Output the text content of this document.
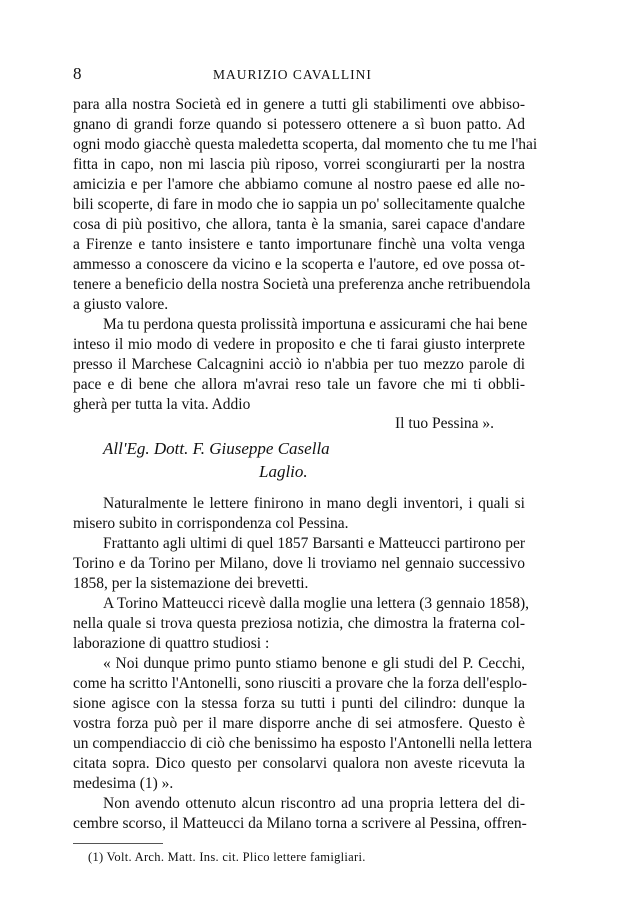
8	MAURIZIO CAVALLINI
para alla nostra Società ed in genere a tutti gli stabilimenti ove abbiso-
gnano di grandi forze quando si potessero ottenere a sì buon patto. Ad
ogni modo giacchè questa maledetta scoperta, dal momento che tu me l'hai
fitta in capo, non mi lascia più riposo, vorrei scongiurarti per la nostra
amicizia e per l'amore che abbiamo comune al nostro paese ed alle no-
bili scoperte, di fare in modo che io sappia un po' sollecitamente qualche
cosa di più positivo, che allora, tanta è la smania, sarei capace d'andare
a Firenze e tanto insistere e tanto importunare finchè una volta venga
ammesso a conoscere da vicino e la scoperta e l'autore, ed ove possa ot-
tenere a beneficio della nostra Società una preferenza anche retribuendola
a giusto valore.
Ma tu perdona questa prolissità importuna e assicurami che hai bene
inteso il mio modo di vedere in proposito e che ti farai giusto interprete
presso il Marchese Calcagnini acciò io n'abbia per tuo mezzo parole di
pace e di bene che allora m'avrai reso tale un favore che mi ti obbli-
gherà per tutta la vita. Addio
Il tuo Pessina ».
All'Eg. Dott. F. Giuseppe Casella
Laglio.
Naturalmente le lettere finirono in mano degli inventori, i quali si
misero subito in corrispondenza col Pessina.
Frattanto agli ultimi di quel 1857 Barsanti e Matteucci partirono per
Torino e da Torino per Milano, dove li troviamo nel gennaio successivo
1858, per la sistemazione dei brevetti.
A Torino Matteucci ricevè dalla moglie una lettera (3 gennaio 1858),
nella quale si trova questa preziosa notizia, che dimostra la fraterna col-
laborazione di quattro studiosi :
« Noi dunque primo punto stiamo benone e gli studi del P. Cecchi,
come ha scritto l'Antonelli, sono riusciti a provare che la forza dell'esplo-
sione agisce con la stessa forza su tutti i punti del cilindro: dunque la
vostra forza può per il mare disporre anche di sei atmosfere. Questo è
un compendiaccio di ciò che benissimo ha esposto l'Antonelli nella lettera
citata sopra. Dico questo per consolarvi qualora non aveste ricevuta la
medesima (1) ».
Non avendo ottenuto alcun riscontro ad una propria lettera del di-
cembre scorso, il Matteucci da Milano torna a scrivere al Pessina, offren-
(1) Volt. Arch. Matt. Ins. cit. Plico lettere famigliari.
